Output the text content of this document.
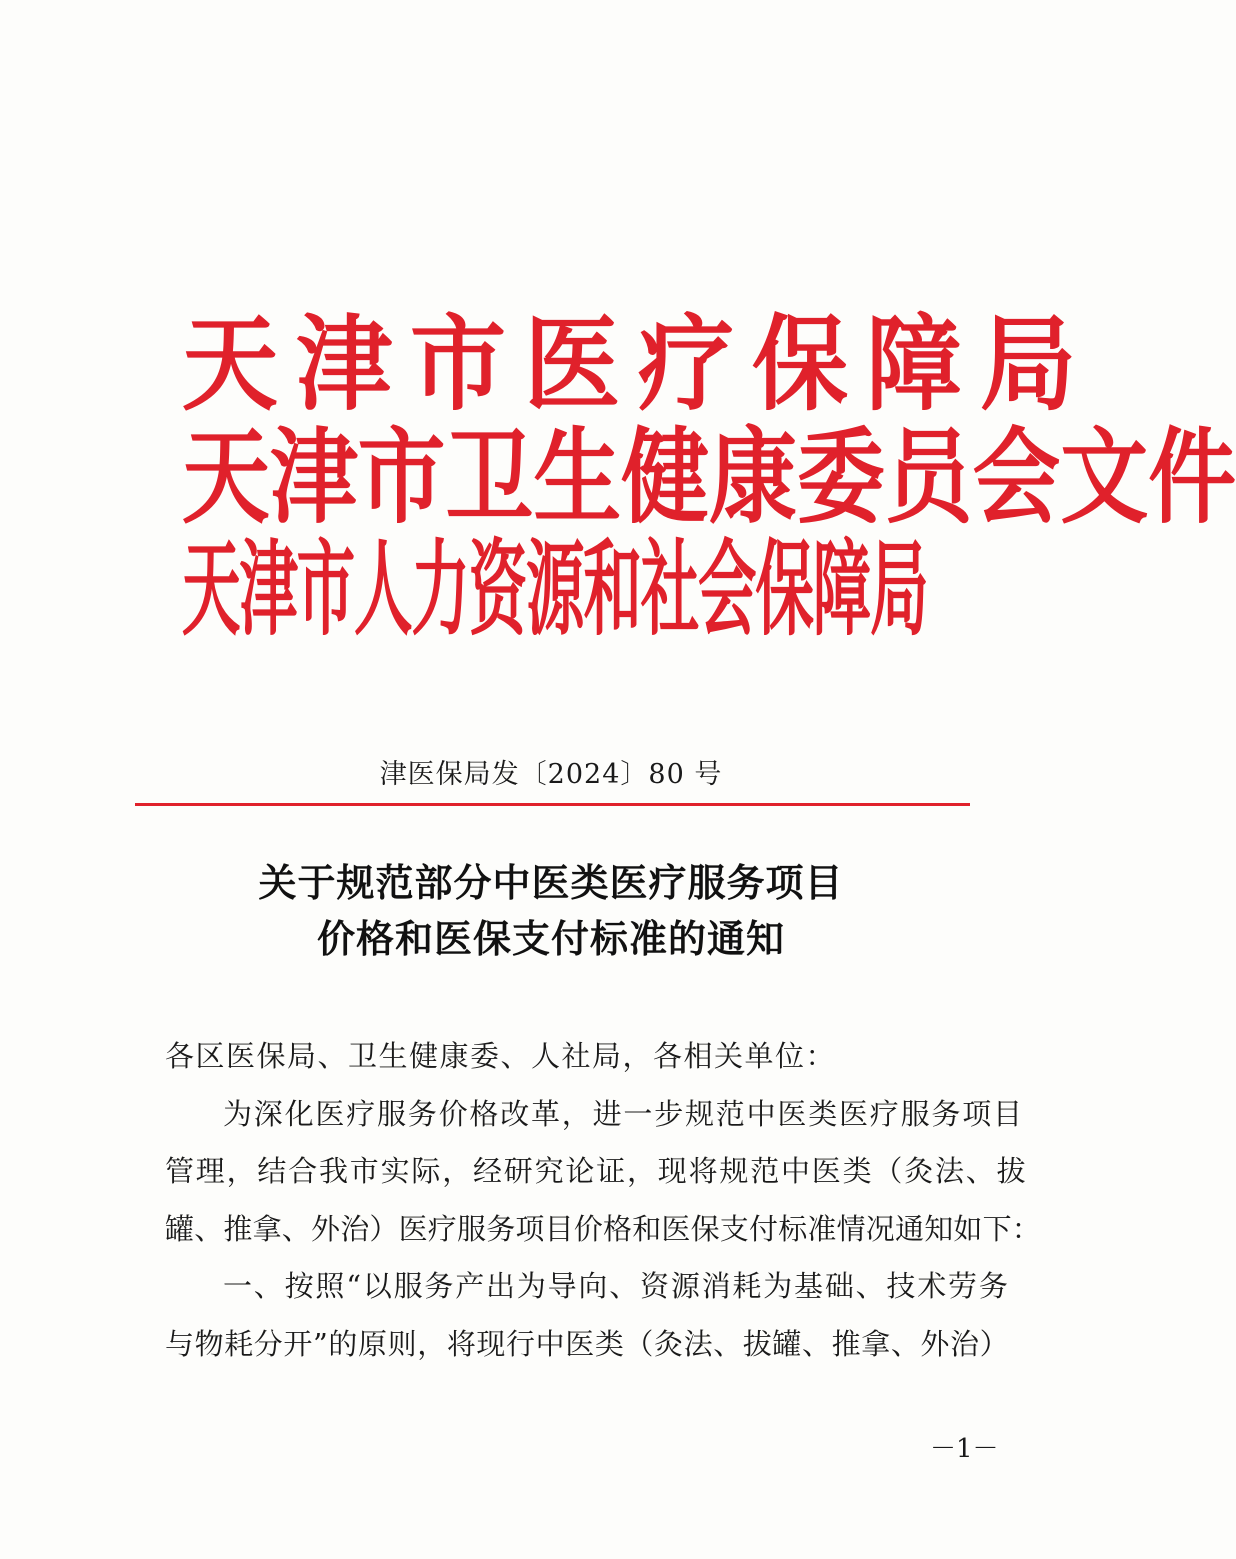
天津市医疗保障局
天津市卫生健康委员会文件
天津市人力资源和社会保障局
津医保局发〔2024〕80 号
关于规范部分中医类医疗服务项目
价格和医保支付标准的通知

各区医保局、卫生健康委、人社局，各相关单位：

为深化医疗服务价格改革，进一步规范中医类医疗服务项目

管理，结合我市实际，经研究论证，现将规范中医类（灸法、拔

罐、推拿、外治）医疗服务项目价格和医保支付标准情况通知如下：

一、按照“以服务产出为导向、资源消耗为基础、技术劳务

与物耗分开”的原则，将现行中医类（灸法、拔罐、推拿、外治）

－1－
